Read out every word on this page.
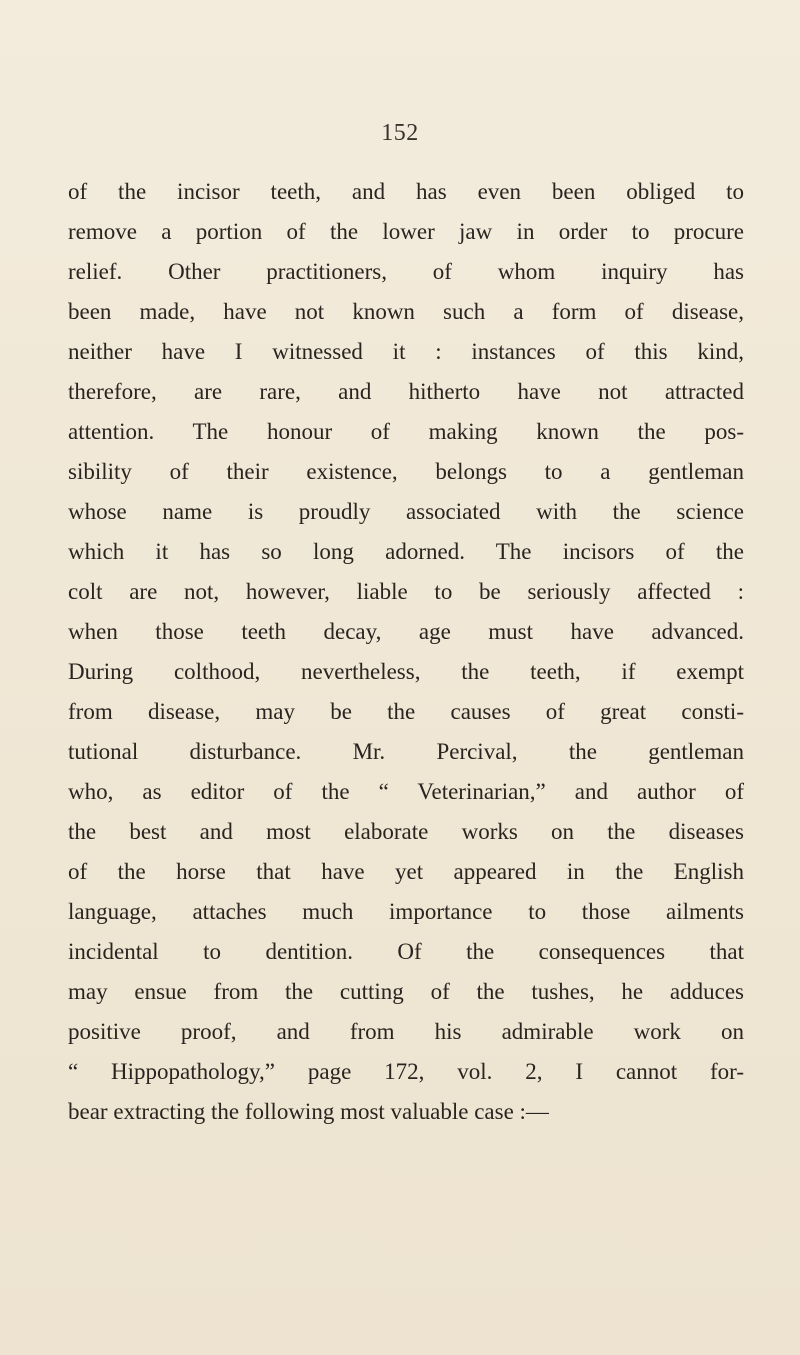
152
of the incisor teeth, and has even been obliged to
remove a portion of the lower jaw in order to procure
relief. Other practitioners, of whom inquiry has
been made, have not known such a form of disease,
neither have I witnessed it : instances of this kind,
therefore, are rare, and hitherto have not attracted
attention. The honour of making known the pos-
sibility of their existence, belongs to a gentleman
whose name is proudly associated with the science
which it has so long adorned. The incisors of the
colt are not, however, liable to be seriously affected :
when those teeth decay, age must have advanced.
During colthood, nevertheless, the teeth, if exempt
from disease, may be the causes of great consti-
tutional disturbance. Mr. Percival, the gentleman
who, as editor of the “ Veterinarian,” and author of
the best and most elaborate works on the diseases
of the horse that have yet appeared in the English
language, attaches much importance to those ailments
incidental to dentition. Of the consequences that
may ensue from the cutting of the tushes, he adduces
positive proof, and from his admirable work on
“ Hippopathology,” page 172, vol. 2, I cannot for-
bear extracting the following most valuable case :—
